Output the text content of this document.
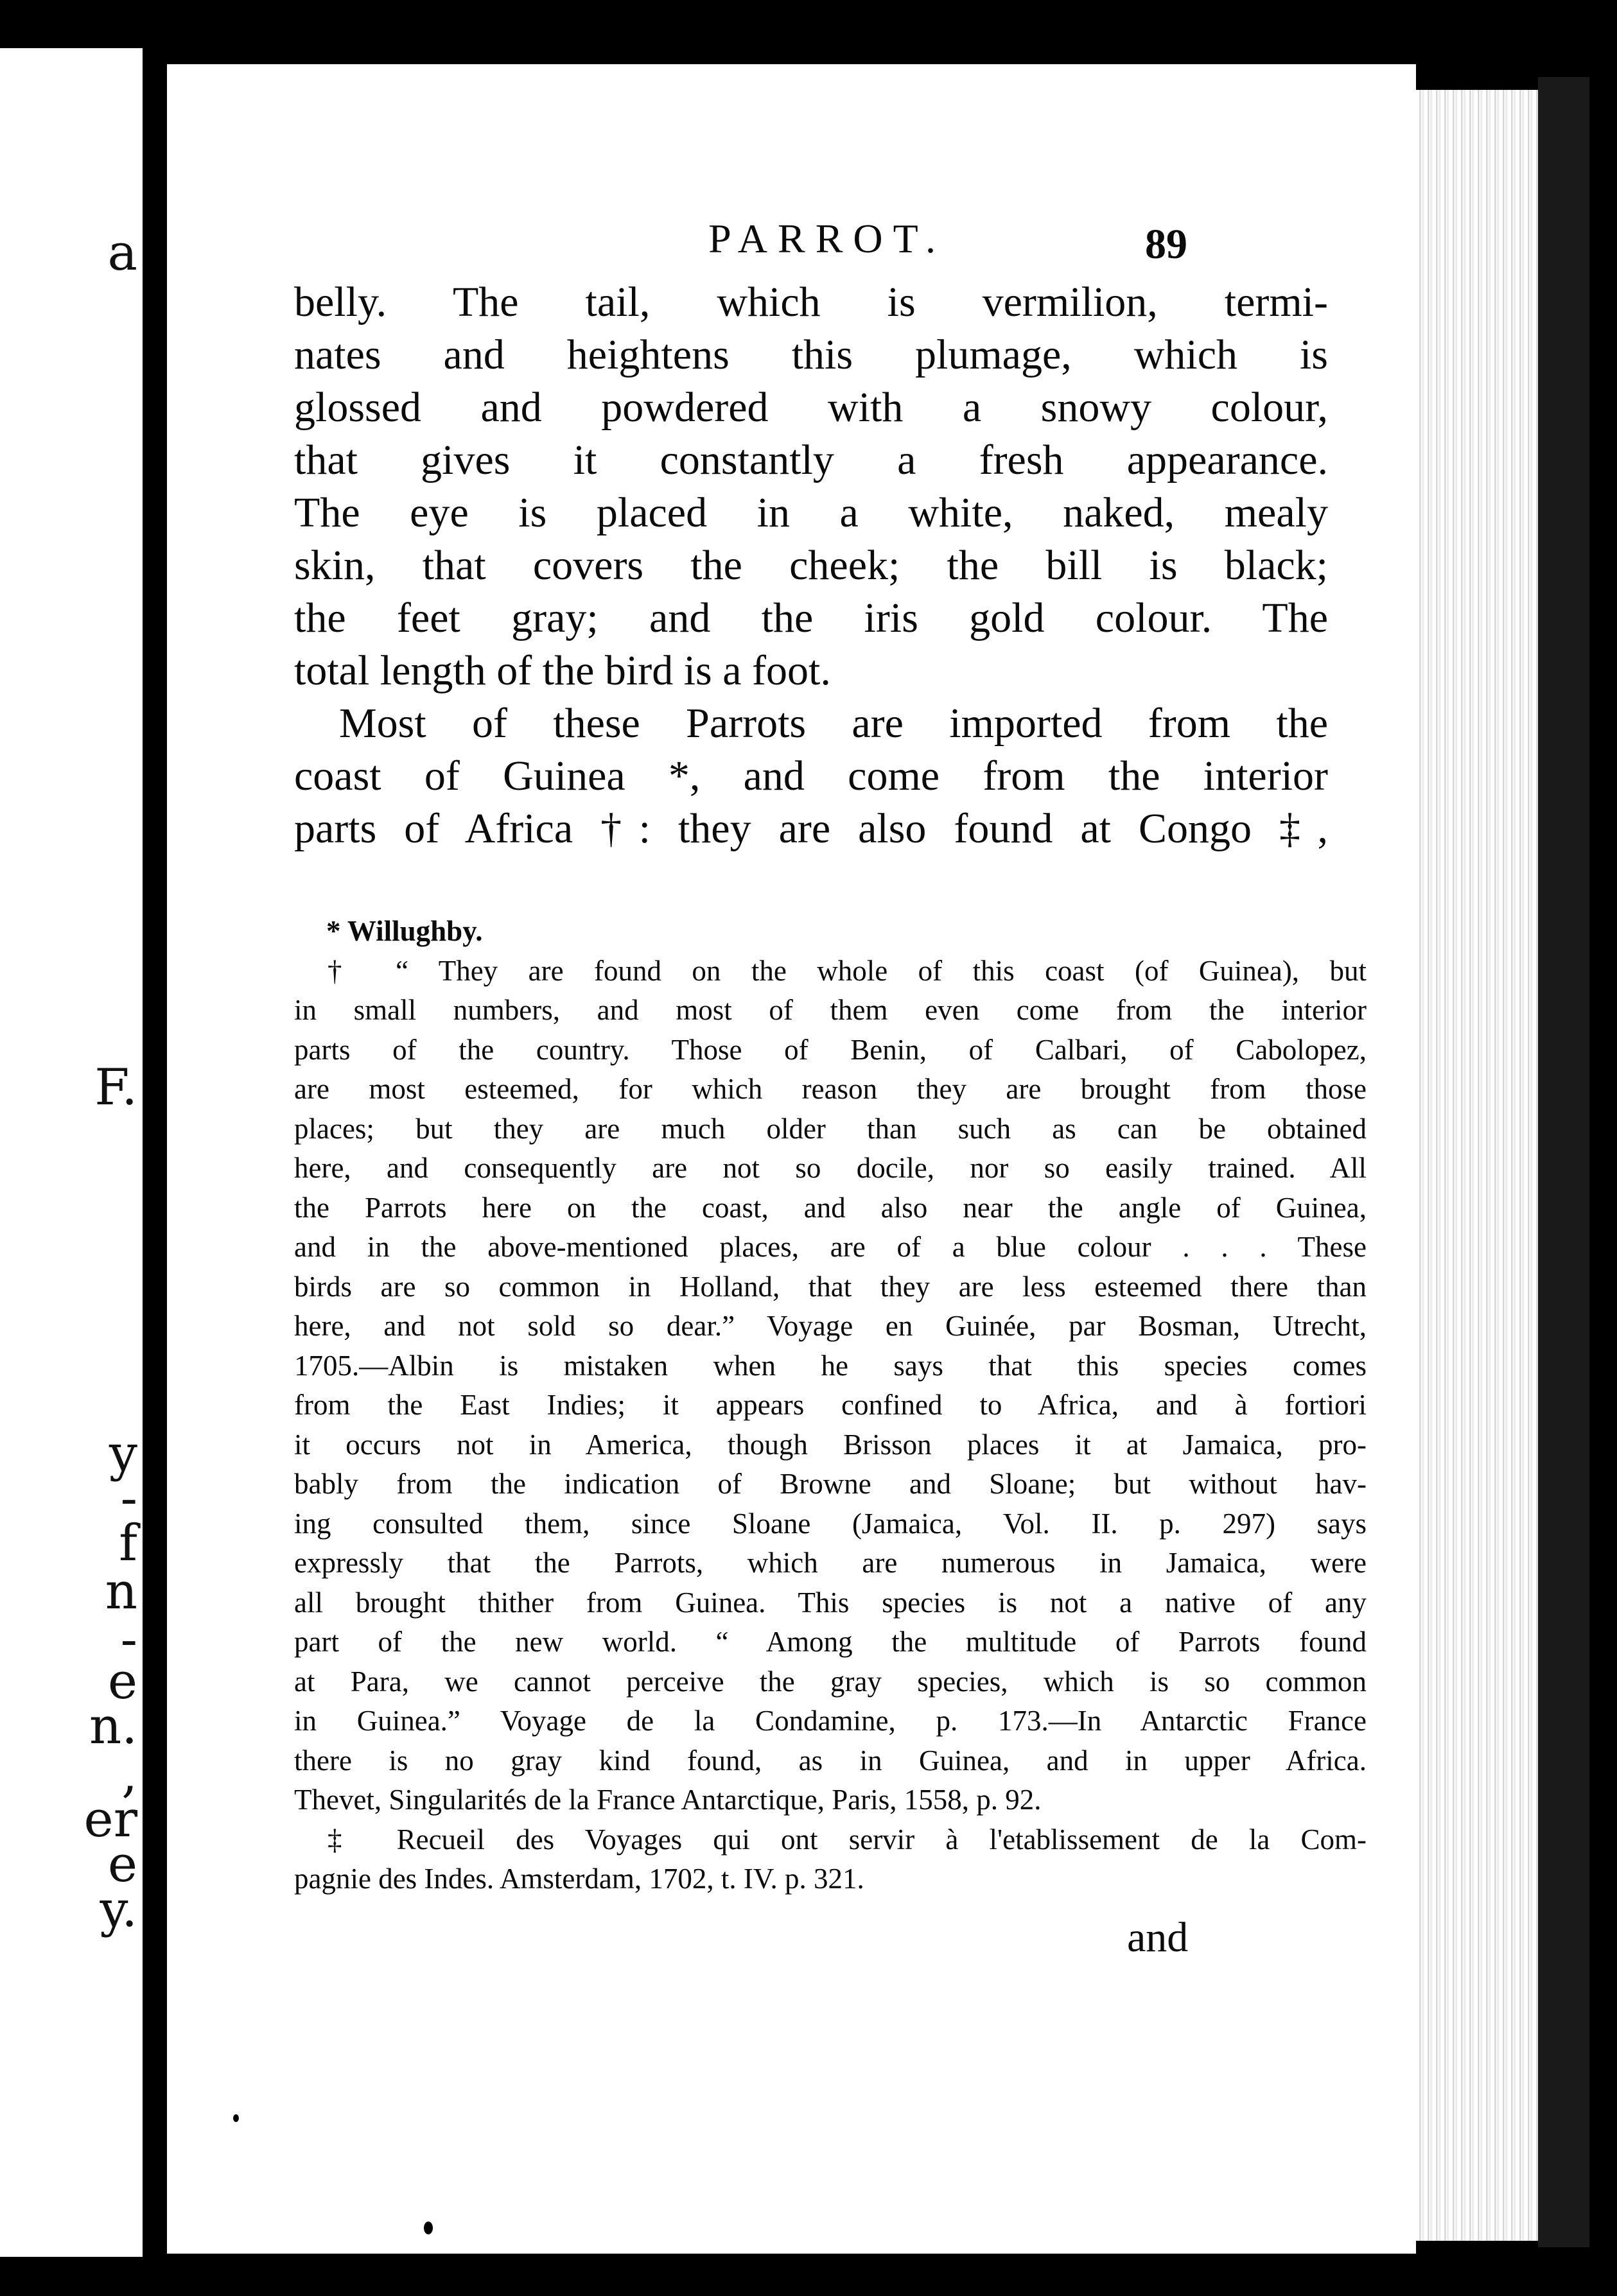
a
F.
y
-
f
n
-
e
n.
,
er
e
y.
PARROT.	89
belly. The tail, which is vermilion, termi-
nates and heightens this plumage, which is
glossed and powdered with a snowy colour,
that gives it constantly a fresh appearance.
The eye is placed in a white, naked, mealy
skin, that covers the cheek; the bill is black;
the feet gray; and the iris gold colour. The
total length of the bird is a foot.
Most of these Parrots are imported from the
coast of Guinea *, and come from the interior
parts of Africa †: they are also found at Congo ‡,
* Willughby.
† “ They are found on the whole of this coast (of Guinea), but
in small numbers, and most of them even come from the interior
parts of the country. Those of Benin, of Calbari, of Cabolopez,
are most esteemed, for which reason they are brought from those
places; but they are much older than such as can be obtained
here, and consequently are not so docile, nor so easily trained. All
the Parrots here on the coast, and also near the angle of Guinea,
and in the above-mentioned places, are of a blue colour . . . These
birds are so common in Holland, that they are less esteemed there than
here, and not sold so dear.” Voyage en Guinée, par Bosman, Utrecht,
1705.—Albin is mistaken when he says that this species comes
from the East Indies; it appears confined to Africa, and à fortiori
it occurs not in America, though Brisson places it at Jamaica, pro-
bably from the indication of Browne and Sloane; but without hav-
ing consulted them, since Sloane (Jamaica, Vol. II. p. 297) says
expressly that the Parrots, which are numerous in Jamaica, were
all brought thither from Guinea. This species is not a native of any
part of the new world. “ Among the multitude of Parrots found
at Para, we cannot perceive the gray species, which is so common
in Guinea.” Voyage de la Condamine, p. 173.—In Antarctic France
there is no gray kind found, as in Guinea, and in upper Africa.
Thevet, Singularités de la France Antarctique, Paris, 1558, p. 92.
‡ Recueil des Voyages qui ont servir à l'etablissement de la Com-
pagnie des Indes. Amsterdam, 1702, t. IV. p. 321.
and
